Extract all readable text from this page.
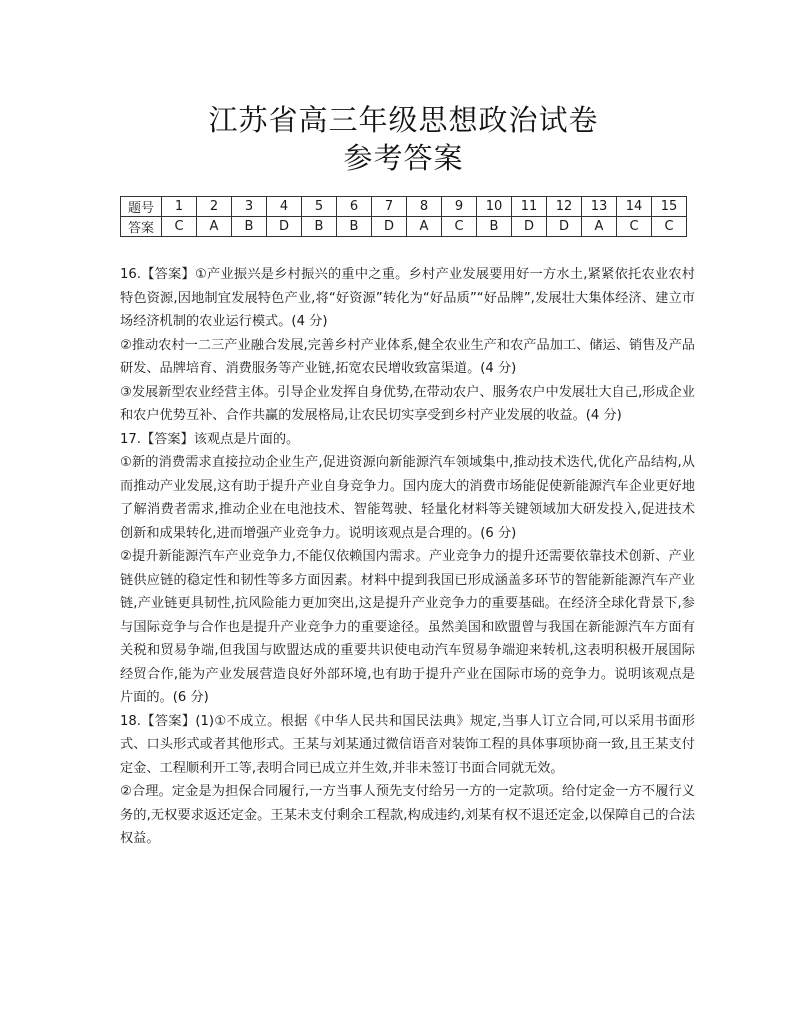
江苏省高三年级思想政治试卷
参考答案
题号	1	2	3	4	5	6	7	8	9	10	11	12	13	14	15
答案	C	A	B	D	B	B	D	A	C	B	D	D	A	C	C

16.【答案】①产业振兴是乡村振兴的重中之重。乡村产业发展要用好一方水土,紧紧依托农业农村特色资源,因地制宜发展特色产业,将“好资源”转化为“好品质”“好品牌”,发展壮大集体经济、建立市场经济机制的农业运行模式。(4 分)

②推动农村一二三产业融合发展,完善乡村产业体系,健全农业生产和农产品加工、储运、销售及产品研发、品牌培育、消费服务等产业链,拓宽农民增收致富渠道。(4 分)

③发展新型农业经营主体。引导企业发挥自身优势,在带动农户、服务农户中发展壮大自己,形成企业和农户优势互补、合作共赢的发展格局,让农民切实享受到乡村产业发展的收益。(4 分)

17.【答案】该观点是片面的。

①新的消费需求直接拉动企业生产,促进资源向新能源汽车领域集中,推动技术迭代,优化产品结构,从而推动产业发展,这有助于提升产业自身竞争力。国内庞大的消费市场能促使新能源汽车企业更好地了解消费者需求,推动企业在电池技术、智能驾驶、轻量化材料等关键领域加大研发投入,促进技术创新和成果转化,进而增强产业竞争力。说明该观点是合理的。(6 分)

②提升新能源汽车产业竞争力,不能仅依赖国内需求。产业竞争力的提升还需要依靠技术创新、产业链供应链的稳定性和韧性等多方面因素。材料中提到我国已形成涵盖多环节的智能新能源汽车产业链,产业链更具韧性,抗风险能力更加突出,这是提升产业竞争力的重要基础。在经济全球化背景下,参与国际竞争与合作也是提升产业竞争力的重要途径。虽然美国和欧盟曾与我国在新能源汽车方面有关税和贸易争端,但我国与欧盟达成的重要共识使电动汽车贸易争端迎来转机,这表明积极开展国际经贸合作,能为产业发展营造良好外部环境,也有助于提升产业在国际市场的竞争力。说明该观点是片面的。(6 分)

18.【答案】(1)①不成立。根据《中华人民共和国民法典》规定,当事人订立合同,可以采用书面形式、口头形式或者其他形式。王某与刘某通过微信语音对装饰工程的具体事项协商一致,且王某支付定金、工程顺利开工等,表明合同已成立并生效,并非未签订书面合同就无效。

②合理。定金是为担保合同履行,一方当事人预先支付给另一方的一定款项。给付定金一方不履行义务的,无权要求返还定金。王某未支付剩余工程款,构成违约,刘某有权不退还定金,以保障自己的合法权益。
